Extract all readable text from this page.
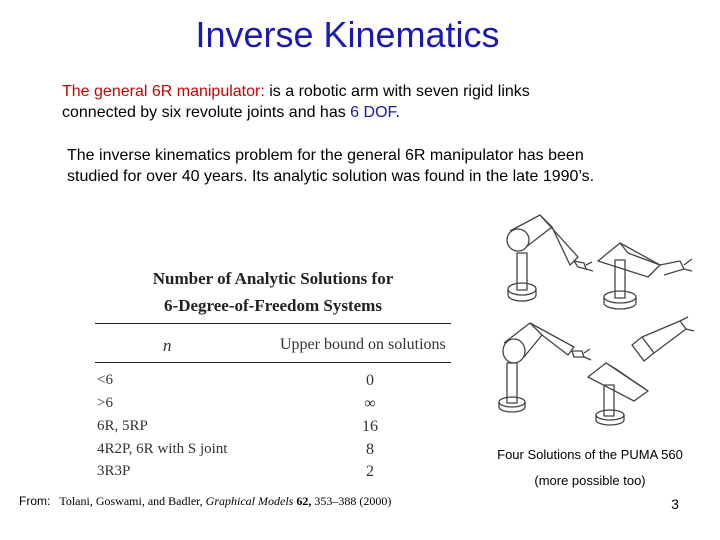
Inverse Kinematics
The general 6R manipulator: is a robotic arm with seven rigid links connected by six revolute joints and has 6 DOF.
The inverse kinematics problem for the general 6R manipulator has been studied for over 40 years. Its analytic solution was found in the late 1990’s.
Number of Analytic Solutions for
6-Degree-of-Freedom Systems
n	Upper bound on solutions
<6	0
>6	∞
6R, 5RP	16
4R2P, 6R with S joint	8
3R3P	2
Four Solutions of the PUMA 560
(more possible too)
From: Tolani, Goswami, and Badler, Graphical Models 62, 353–388 (2000)	3
